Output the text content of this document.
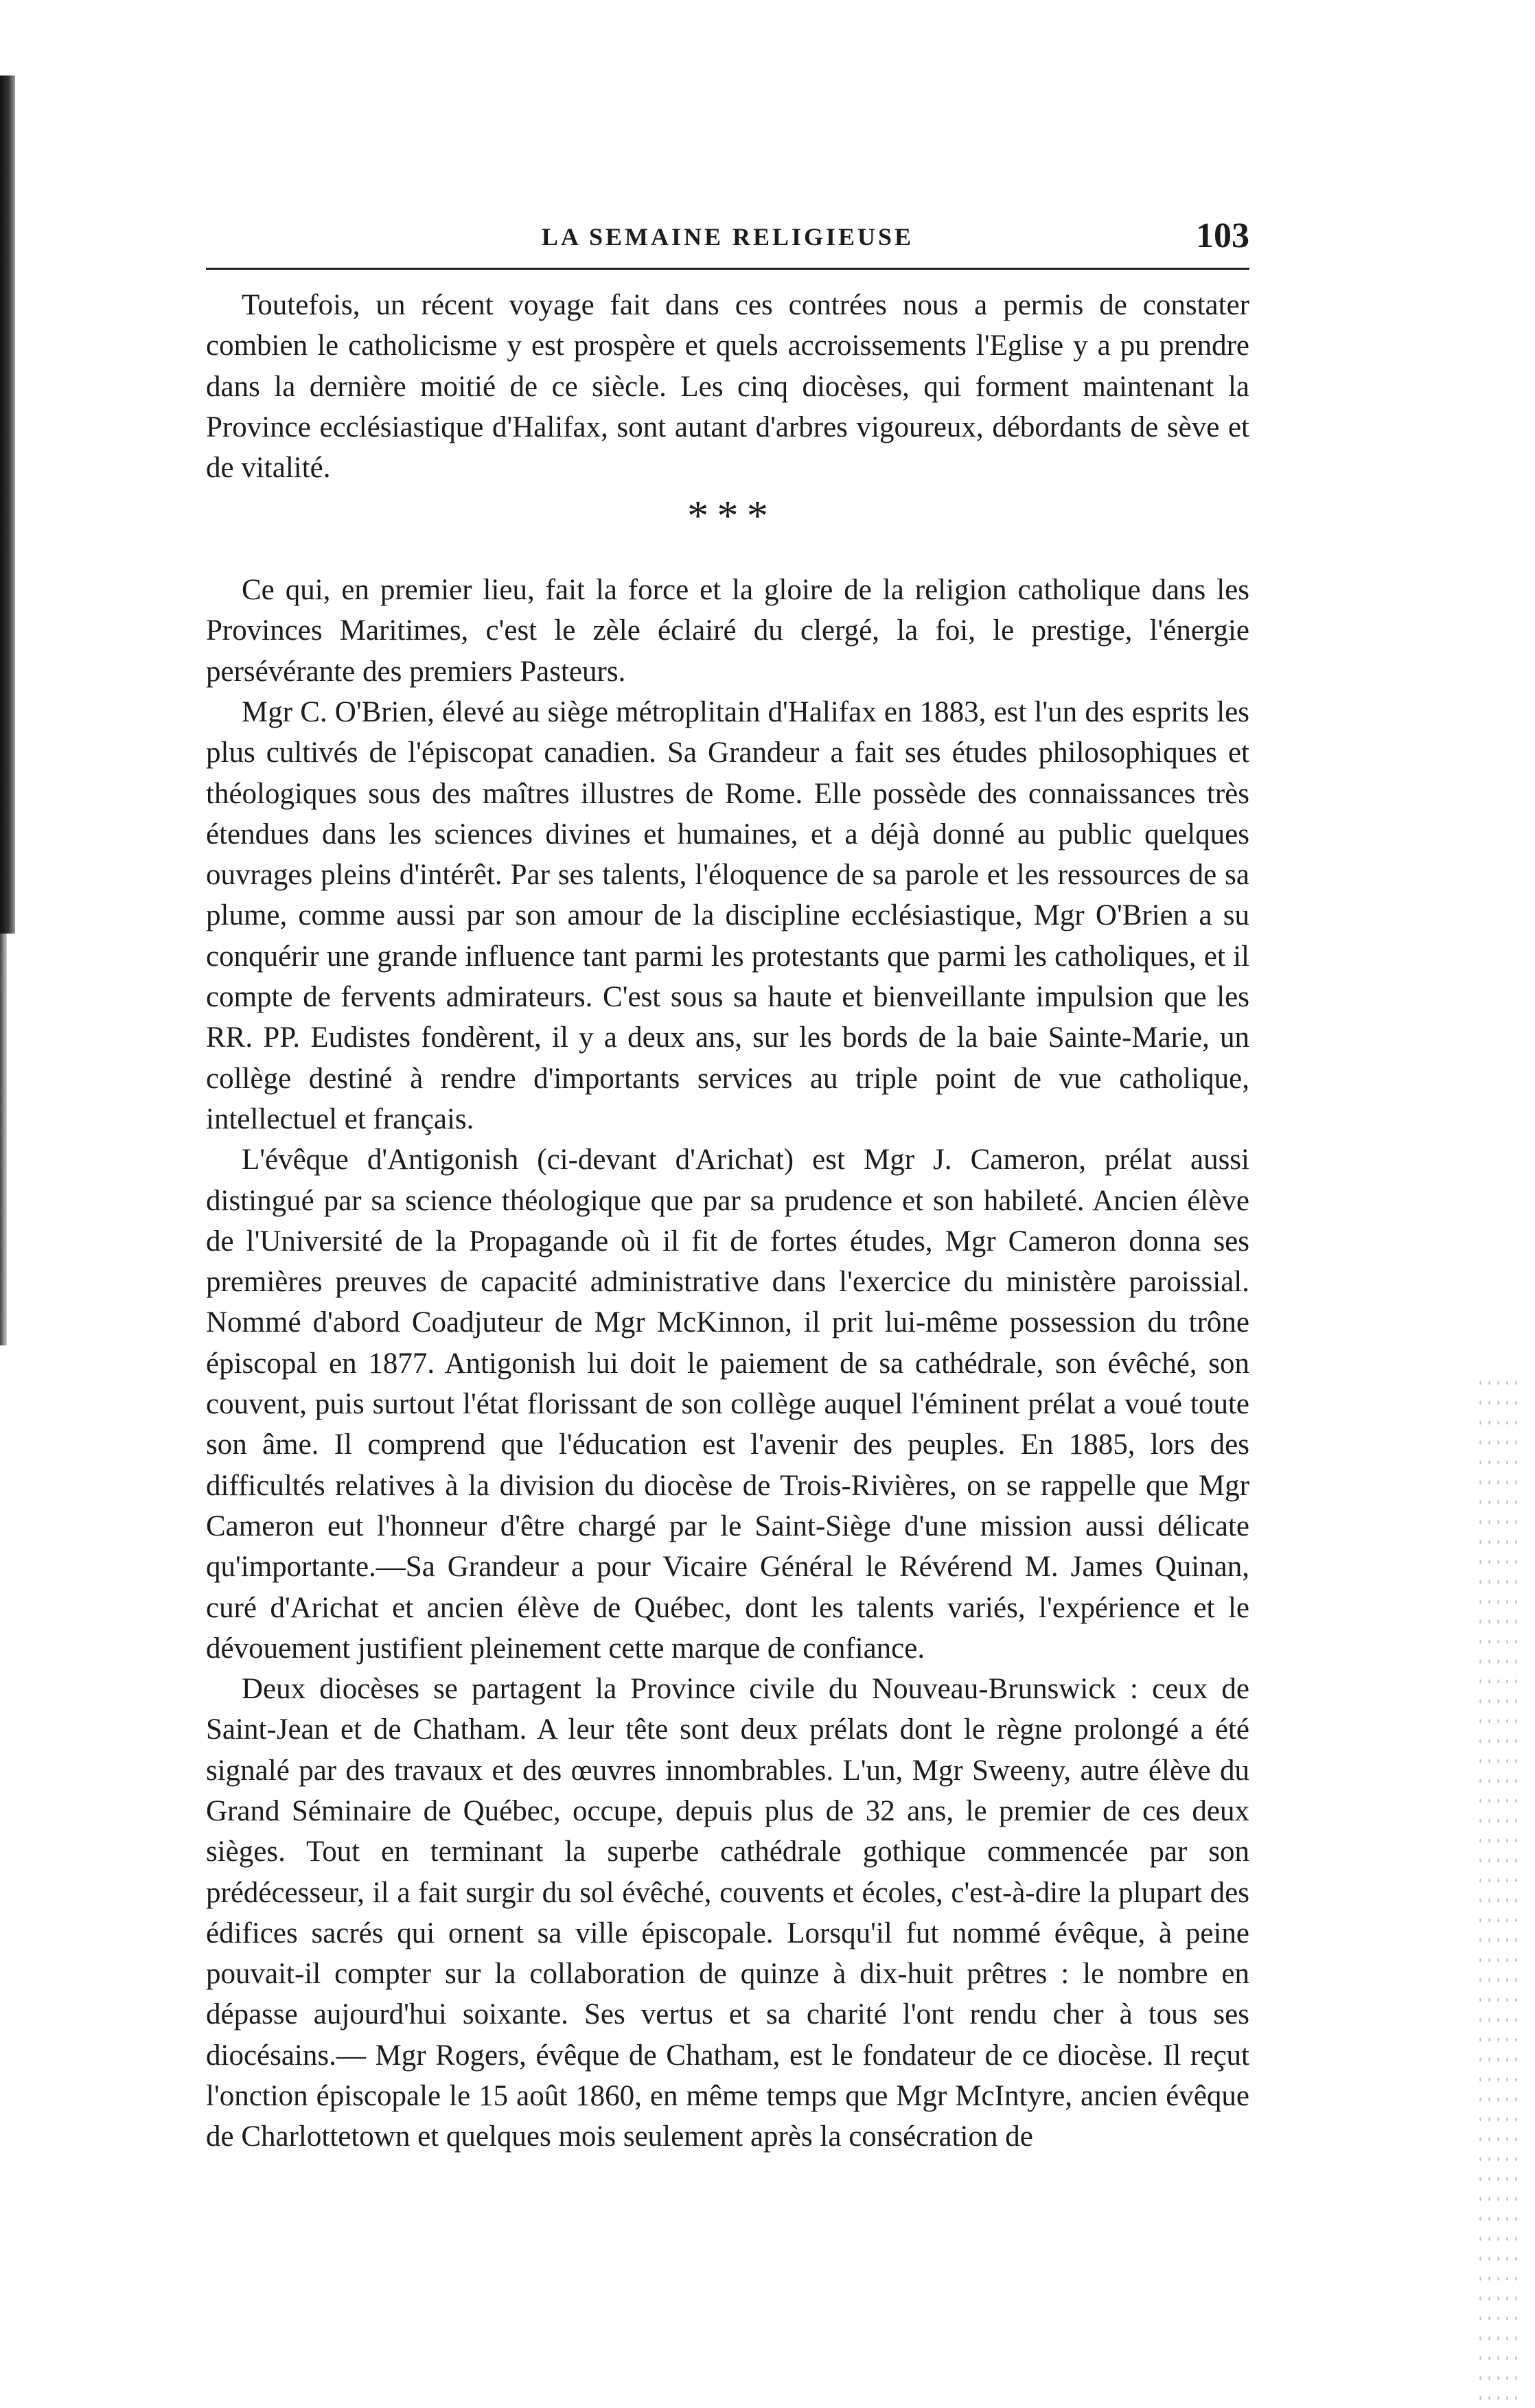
LA SEMAINE RELIGIEUSE	103

Toutefois, un récent voyage fait dans ces contrées nous a permis de constater combien le catholicisme y est prospère et quels accroissements l'Eglise y a pu prendre dans la dernière moitié de ce siècle. Les cinq diocèses, qui forment maintenant la Province ecclésiastique d'Halifax, sont autant d'arbres vigoureux, débordants de sève et de vitalité.

* * *

Ce qui, en premier lieu, fait la force et la gloire de la religion catholique dans les Provinces Maritimes, c'est le zèle éclairé du clergé, la foi, le prestige, l'énergie persévérante des premiers Pasteurs.

Mgr C. O'Brien, élevé au siège métroplitain d'Halifax en 1883, est l'un des esprits les plus cultivés de l'épiscopat canadien. Sa Grandeur a fait ses études philosophiques et théologiques sous des maîtres illustres de Rome. Elle possède des connaissances très étendues dans les sciences divines et humaines, et a déjà donné au public quelques ouvrages pleins d'intérêt. Par ses talents, l'éloquence de sa parole et les ressources de sa plume, comme aussi par son amour de la discipline ecclésiastique, Mgr O'Brien a su conquérir une grande influence tant parmi les protestants que parmi les catholiques, et il compte de fervents admirateurs. C'est sous sa haute et bienveillante impulsion que les RR. PP. Eudistes fondèrent, il y a deux ans, sur les bords de la baie Sainte-Marie, un collège destiné à rendre d'importants services au triple point de vue catholique, intellectuel et français.

L'évêque d'Antigonish (ci-devant d'Arichat) est Mgr J. Cameron, prélat aussi distingué par sa science théologique que par sa prudence et son habileté. Ancien élève de l'Université de la Propagande où il fit de fortes études, Mgr Cameron donna ses premières preuves de capacité administrative dans l'exercice du ministère paroissial. Nommé d'abord Coadjuteur de Mgr McKinnon, il prit lui-même possession du trône épiscopal en 1877. Antigonish lui doit le paiement de sa cathédrale, son évêché, son couvent, puis surtout l'état florissant de son collège auquel l'éminent prélat a voué toute son âme. Il comprend que l'éducation est l'avenir des peuples. En 1885, lors des difficultés relatives à la division du diocèse de Trois-Rivières, on se rappelle que Mgr Cameron eut l'honneur d'être chargé par le Saint-Siège d'une mission aussi délicate qu'importante.—Sa Grandeur a pour Vicaire Général le Révérend M. James Quinan, curé d'Arichat et ancien élève de Québec, dont les talents variés, l'expérience et le dévouement justifient pleinement cette marque de confiance.

Deux diocèses se partagent la Province civile du Nouveau-Brunswick : ceux de Saint-Jean et de Chatham. A leur tête sont deux prélats dont le règne prolongé a été signalé par des travaux et des œuvres innombrables. L'un, Mgr Sweeny, autre élève du Grand Séminaire de Québec, occupe, depuis plus de 32 ans, le premier de ces deux sièges. Tout en terminant la superbe cathédrale gothique commencée par son prédécesseur, il a fait surgir du sol évêché, couvents et écoles, c'est-à-dire la plupart des édifices sacrés qui ornent sa ville épiscopale. Lorsqu'il fut nommé évêque, à peine pouvait-il compter sur la collaboration de quinze à dix-huit prêtres : le nombre en dépasse aujourd'hui soixante. Ses vertus et sa charité l'ont rendu cher à tous ses diocésains.— Mgr Rogers, évêque de Chatham, est le fondateur de ce diocèse. Il reçut l'onction épiscopale le 15 août 1860, en même temps que Mgr McIntyre, ancien évêque de Charlottetown et quelques mois seulement après la consécration de
